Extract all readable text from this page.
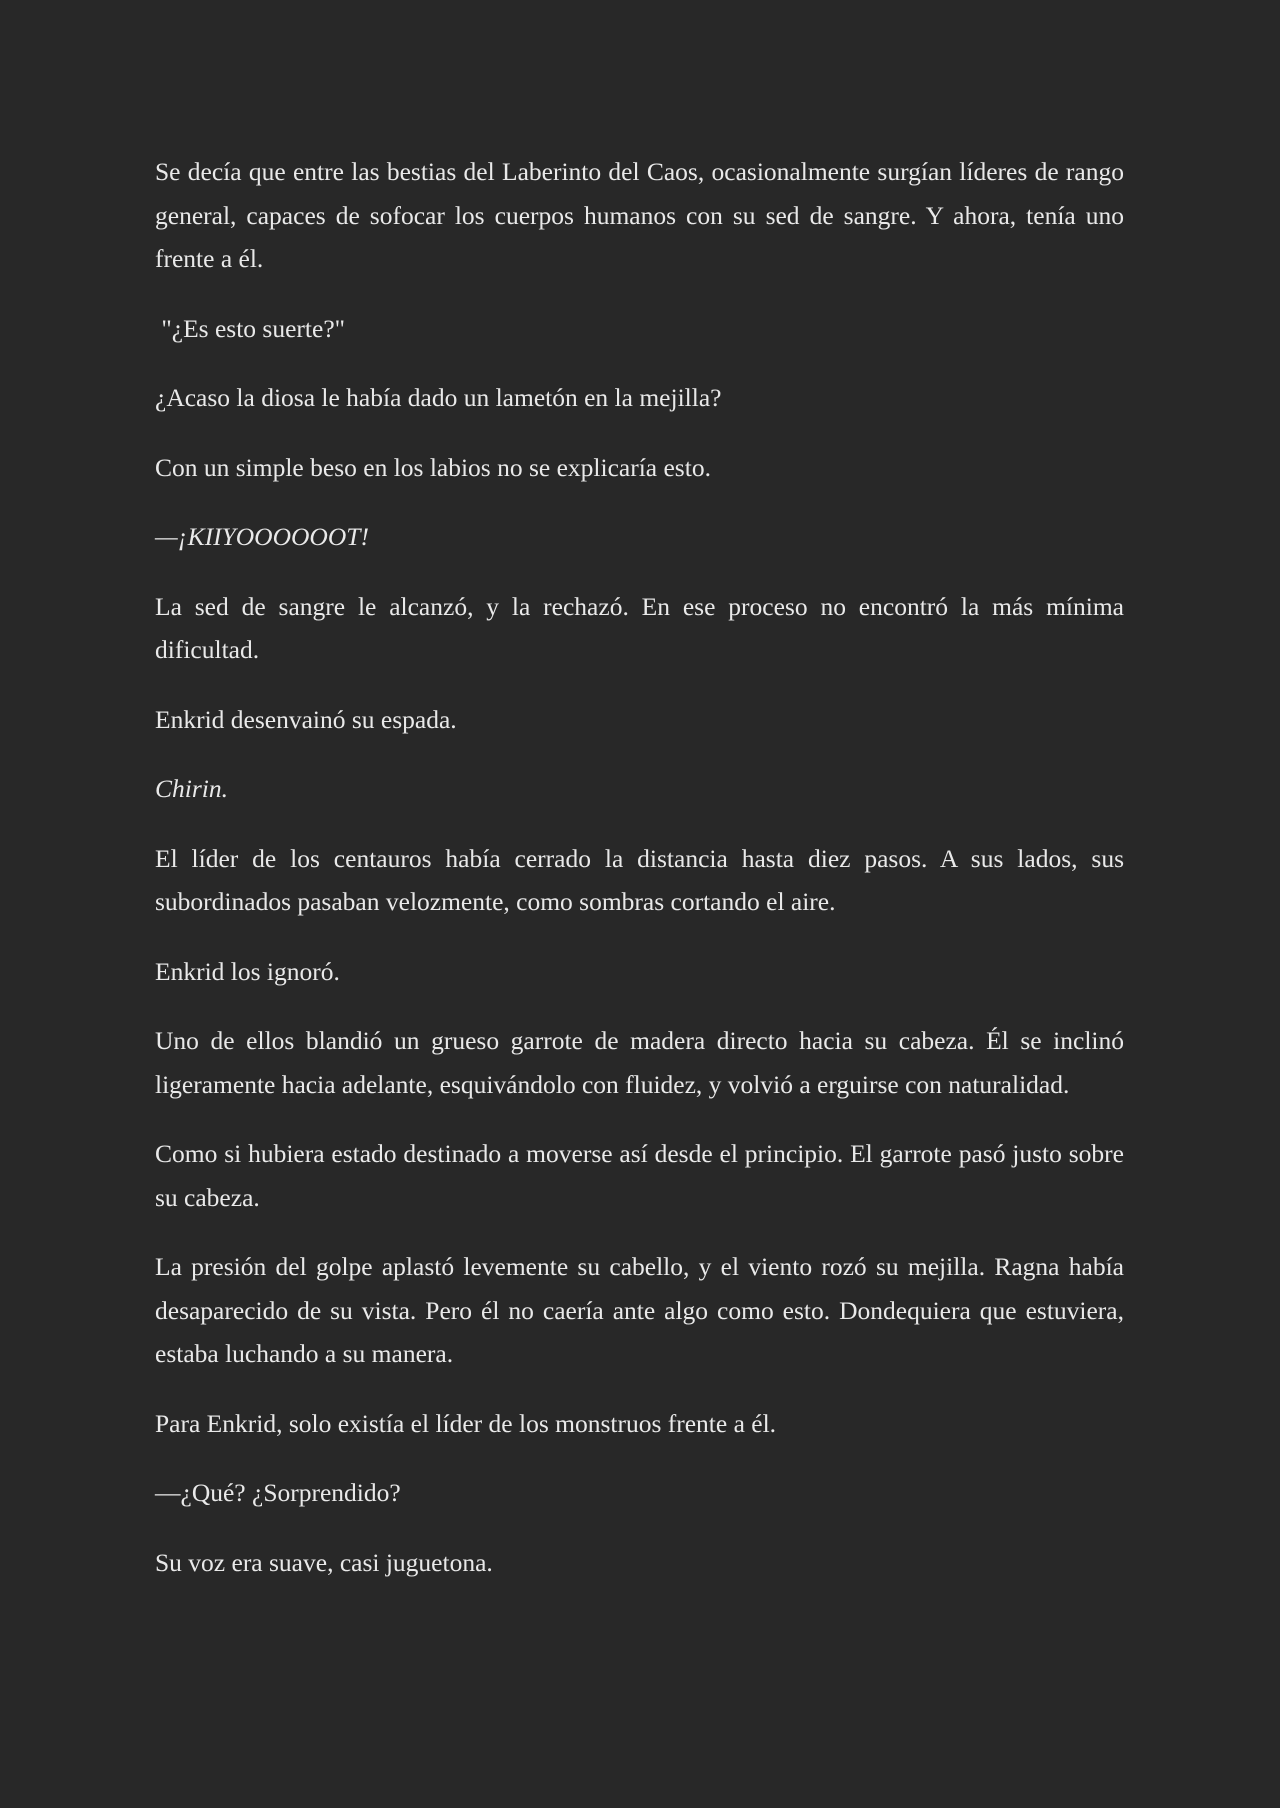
Se decía que entre las bestias del Laberinto del Caos, ocasionalmente surgían líderes de rango general, capaces de sofocar los cuerpos humanos con su sed de sangre. Y ahora, tenía uno frente a él.

"¿Es esto suerte?"

¿Acaso la diosa le había dado un lametón en la mejilla?

Con un simple beso en los labios no se explicaría esto.

—¡KIIYOOOOOOT!

La sed de sangre le alcanzó, y la rechazó. En ese proceso no encontró la más mínima dificultad.

Enkrid desenvainó su espada.

Chirin.

El líder de los centauros había cerrado la distancia hasta diez pasos. A sus lados, sus subordinados pasaban velozmente, como sombras cortando el aire.

Enkrid los ignoró.

Uno de ellos blandió un grueso garrote de madera directo hacia su cabeza. Él se inclinó ligeramente hacia adelante, esquivándolo con fluidez, y volvió a erguirse con naturalidad.

Como si hubiera estado destinado a moverse así desde el principio. El garrote pasó justo sobre su cabeza.

La presión del golpe aplastó levemente su cabello, y el viento rozó su mejilla. Ragna había desaparecido de su vista. Pero él no caería ante algo como esto. Dondequiera que estuviera, estaba luchando a su manera.

Para Enkrid, solo existía el líder de los monstruos frente a él.

—¿Qué? ¿Sorprendido?

Su voz era suave, casi juguetona.
